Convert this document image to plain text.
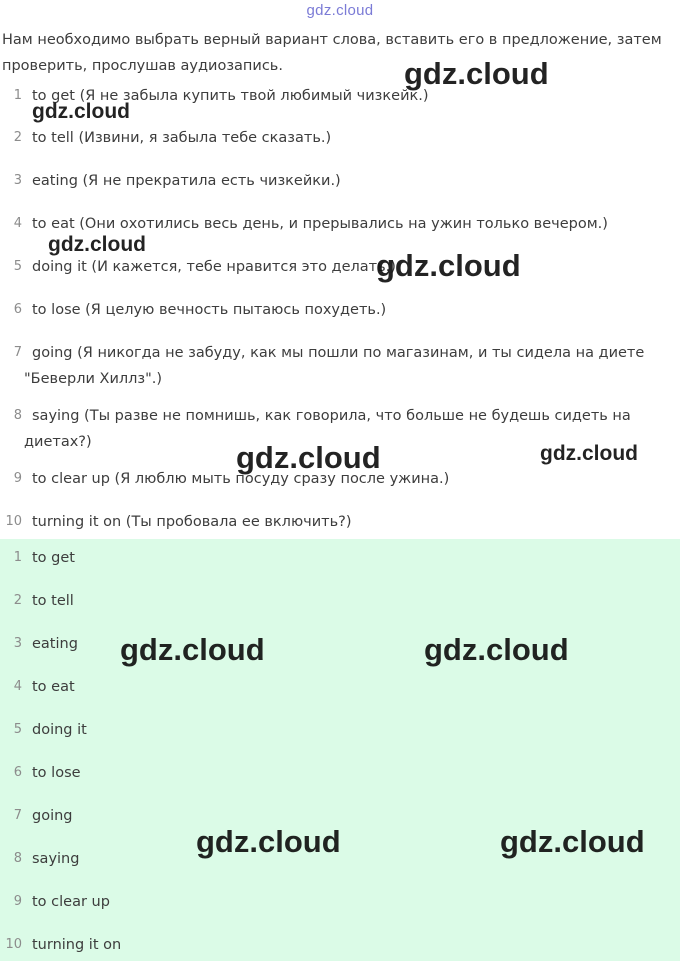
gdz.cloud
Нам необходимо выбрать верный вариант слова, вставить его в предложение, затем
проверить, прослушав аудиозапись.
1 to get (Я не забыла купить твой любимый чизкейк.)
2 to tell (Извини, я забыла тебе сказать.)
3 eating (Я не прекратила есть чизкейки.)
4 to eat (Они охотились весь день, и прерывались на ужин только вечером.)
5 doing it (И кажется, тебе нравится это делать.)
6 to lose (Я целую вечность пытаюсь похудеть.)
7 going (Я никогда не забуду, как мы пошли по магазинам, и ты сидела на диете
"Беверли Хиллз".)
8 saying (Ты разве не помнишь, как говорила, что больше не будешь сидеть на
диетах?)
9 to clear up (Я люблю мыть посуду сразу после ужина.)
10 turning it on (Ты пробовала ее включить?)
1 to get
2 to tell
3 eating
4 to eat
5 doing it
6 to lose
7 going
8 saying
9 to clear up
10 turning it on
gdz.cloud
gdz.cloud
gdz.cloud
gdz.cloud
gdz.cloud	gdz.cloud
gdz.cloud	gdz.cloud
gdz.cloud	gdz.cloud
